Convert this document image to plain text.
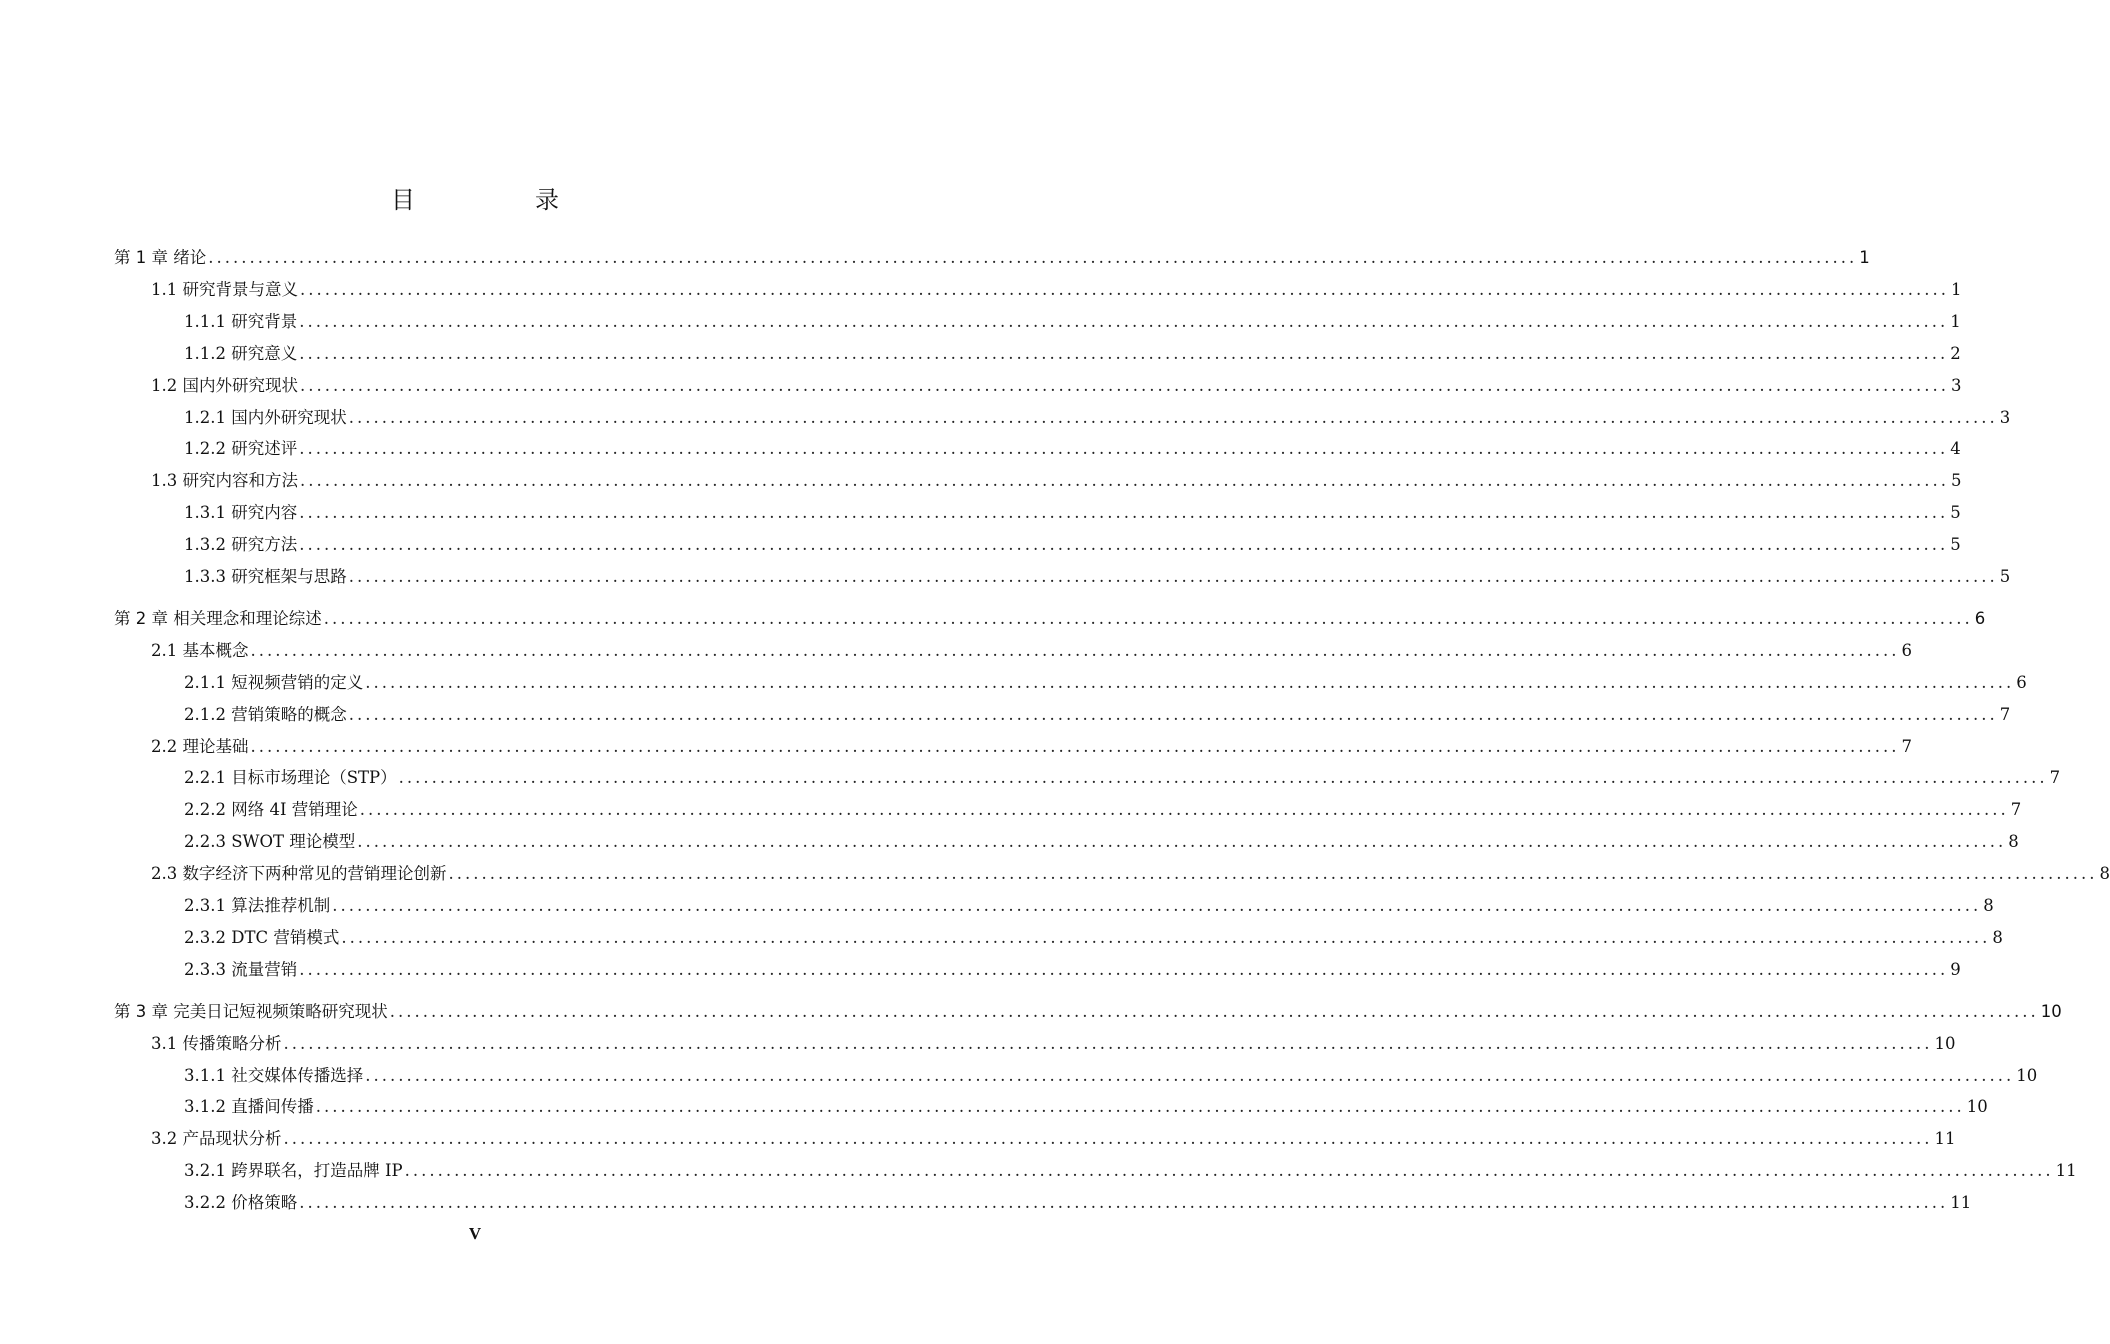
目　录
第 1 章 绪论 ........................................................................................................................................................................................................ 1
1.1 研究背景与意义 ........................................................................................................................................................................................................ 1
1.1.1 研究背景 ........................................................................................................................................................................................................ 1
1.1.2 研究意义 ........................................................................................................................................................................................................ 2
1.2 国内外研究现状 ........................................................................................................................................................................................................ 3
1.2.1 国内外研究现状 ........................................................................................................................................................................................................ 3
1.2.2 研究述评 ........................................................................................................................................................................................................ 4
1.3 研究内容和方法 ........................................................................................................................................................................................................ 5
1.3.1 研究内容 ........................................................................................................................................................................................................ 5
1.3.2 研究方法 ........................................................................................................................................................................................................ 5
1.3.3 研究框架与思路 ........................................................................................................................................................................................................ 5
第 2 章 相关理念和理论综述 ........................................................................................................................................................................................................ 6
2.1 基本概念 ........................................................................................................................................................................................................ 6
2.1.1 短视频营销的定义 ........................................................................................................................................................................................................ 6
2.1.2 营销策略的概念 ........................................................................................................................................................................................................ 7
2.2 理论基础 ........................................................................................................................................................................................................ 7
2.2.1 目标市场理论（STP） ........................................................................................................................................................................................................ 7
2.2.2 网络 4I 营销理论 ........................................................................................................................................................................................................ 7
2.2.3 SWOT 理论模型 ........................................................................................................................................................................................................ 8
2.3 数字经济下两种常见的营销理论创新 ........................................................................................................................................................................................................ 8
2.3.1 算法推荐机制 ........................................................................................................................................................................................................ 8
2.3.2 DTC 营销模式 ........................................................................................................................................................................................................ 8
2.3.3 流量营销 ........................................................................................................................................................................................................ 9
第 3 章 完美日记短视频策略研究现状 ........................................................................................................................................................................................................ 10
3.1 传播策略分析 ........................................................................................................................................................................................................ 10
3.1.1 社交媒体传播选择 ........................................................................................................................................................................................................ 10
3.1.2 直播间传播 ........................................................................................................................................................................................................ 10
3.2 产品现状分析 ........................................................................................................................................................................................................ 11
3.2.1 跨界联名，打造品牌 IP ........................................................................................................................................................................................................ 11
3.2.2 价格策略 ........................................................................................................................................................................................................ 11
V
